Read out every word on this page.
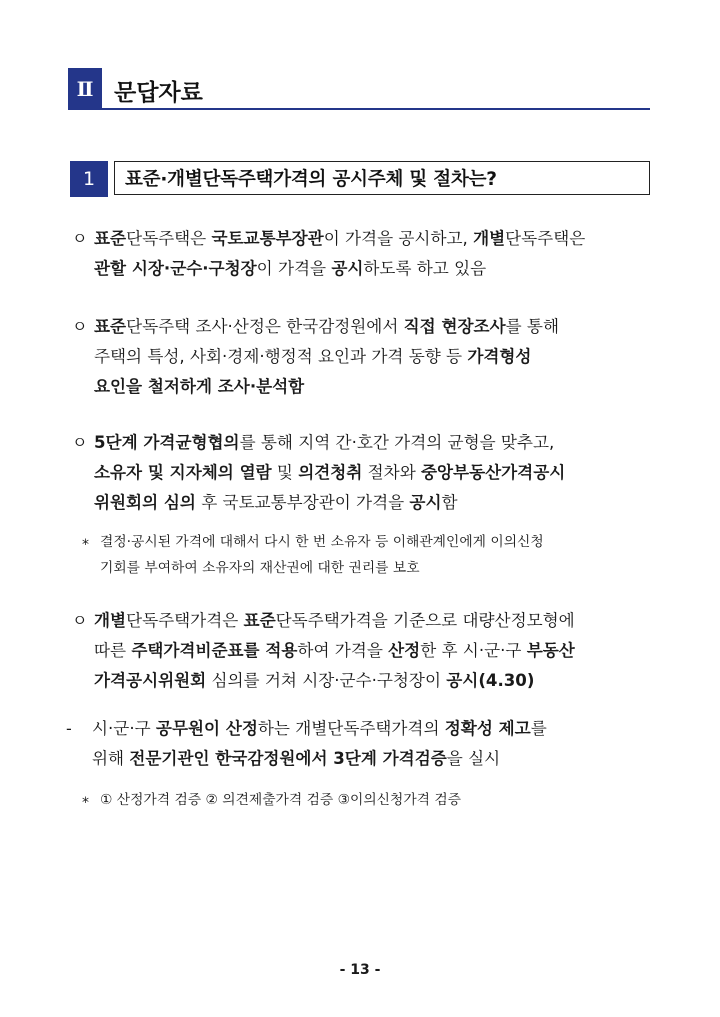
Ⅱ 문답자료
1	표준·개별단독주택가격의 공시주체 및 절차는?
ㅇ 표준단독주택은 국토교통부장관이 가격을 공시하고, 개별단독주택은
관할 시장·군수·구청장이 가격을 공시하도록 하고 있음
ㅇ 표준단독주택 조사·산정은 한국감정원에서 직접 현장조사를 통해
주택의 특성, 사회·경제·행정적 요인과 가격 동향 등 가격형성
요인을 철저하게 조사·분석함
ㅇ 5단계 가격균형협의를 통해 지역 간·호간 가격의 균형을 맞추고,
소유자 및 지자체의 열람 및 의견청취 절차와 중앙부동산가격공시
위원회의 심의 후 국토교통부장관이 가격을 공시함
* 결정·공시된 가격에 대해서 다시 한 번 소유자 등 이해관계인에게 이의신청
기회를 부여하여 소유자의 재산권에 대한 권리를 보호
ㅇ 개별단독주택가격은 표준단독주택가격을 기준으로 대량산정모형에
따른 주택가격비준표를 적용하여 가격을 산정한 후 시·군·구 부동산
가격공시위원회 심의를 거쳐 시장·군수·구청장이 공시(4.30)
- 시·군·구 공무원이 산정하는 개별단독주택가격의 정확성 제고를
위해 전문기관인 한국감정원에서 3단계 가격검증을 실시
* ① 산정가격 검증 ② 의견제출가격 검증 ③이의신청가격 검증
- 13 -
